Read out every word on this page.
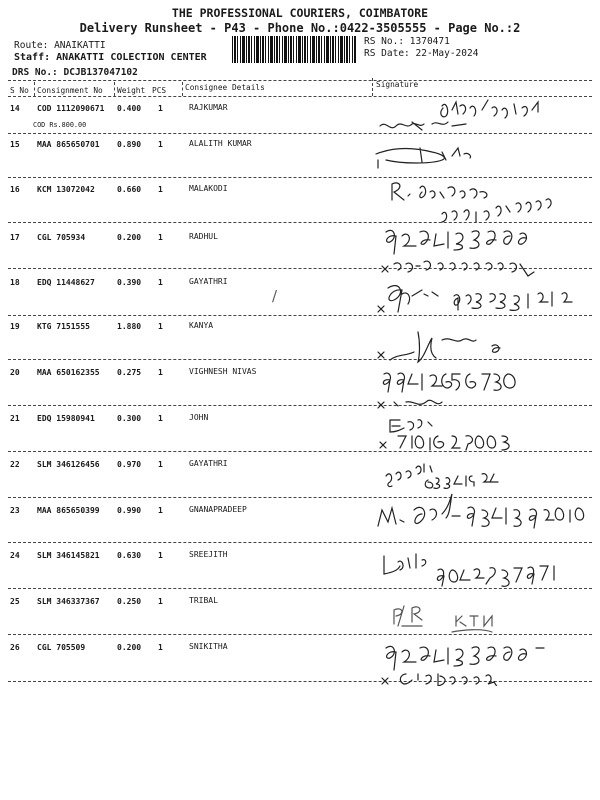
THE PROFESSIONAL COURIERS, COIMBATORE
Delivery Runsheet - P43 - Phone No.:0422-3505555 - Page No.:2
Route: ANAIKATTI
Staff: ANAKATTI COLECTION CENTER
DRS No.: DCJB137047102
RS No.: 1370471
RS Date: 22-May-2024
S No Consignment No Weight PCS Consignee Details	Signature
14 COD 1112090671 0.400 1	RAJKUMAR
COD Rs.800.00
15 MAA 865650701 0.890 1	ALALITH KUMAR
16 KCM 13072042	0.660 1	MALAKODI
17 CGL 705934	0.200 1	RADHUL
18 EDQ 11448627	0.390 1	GAYATHRI
19 KTG 7151555	1.880 1	KANYA
20 MAA 650162355 0.275 1	VIGHNESH NIVAS
21 EDQ 15980941	0.300 1	JOHN
22 SLM 346126456 0.970 1	GAYATHRI
23 MAA 865650399 0.990 1	GNANAPRADEEP
24 SLM 346145821 0.630 1	SREEJITH
25 SLM 346337367 0.250 1	TRIBAL
26 CGL 705509	0.200 1	SNIKITHA
/
